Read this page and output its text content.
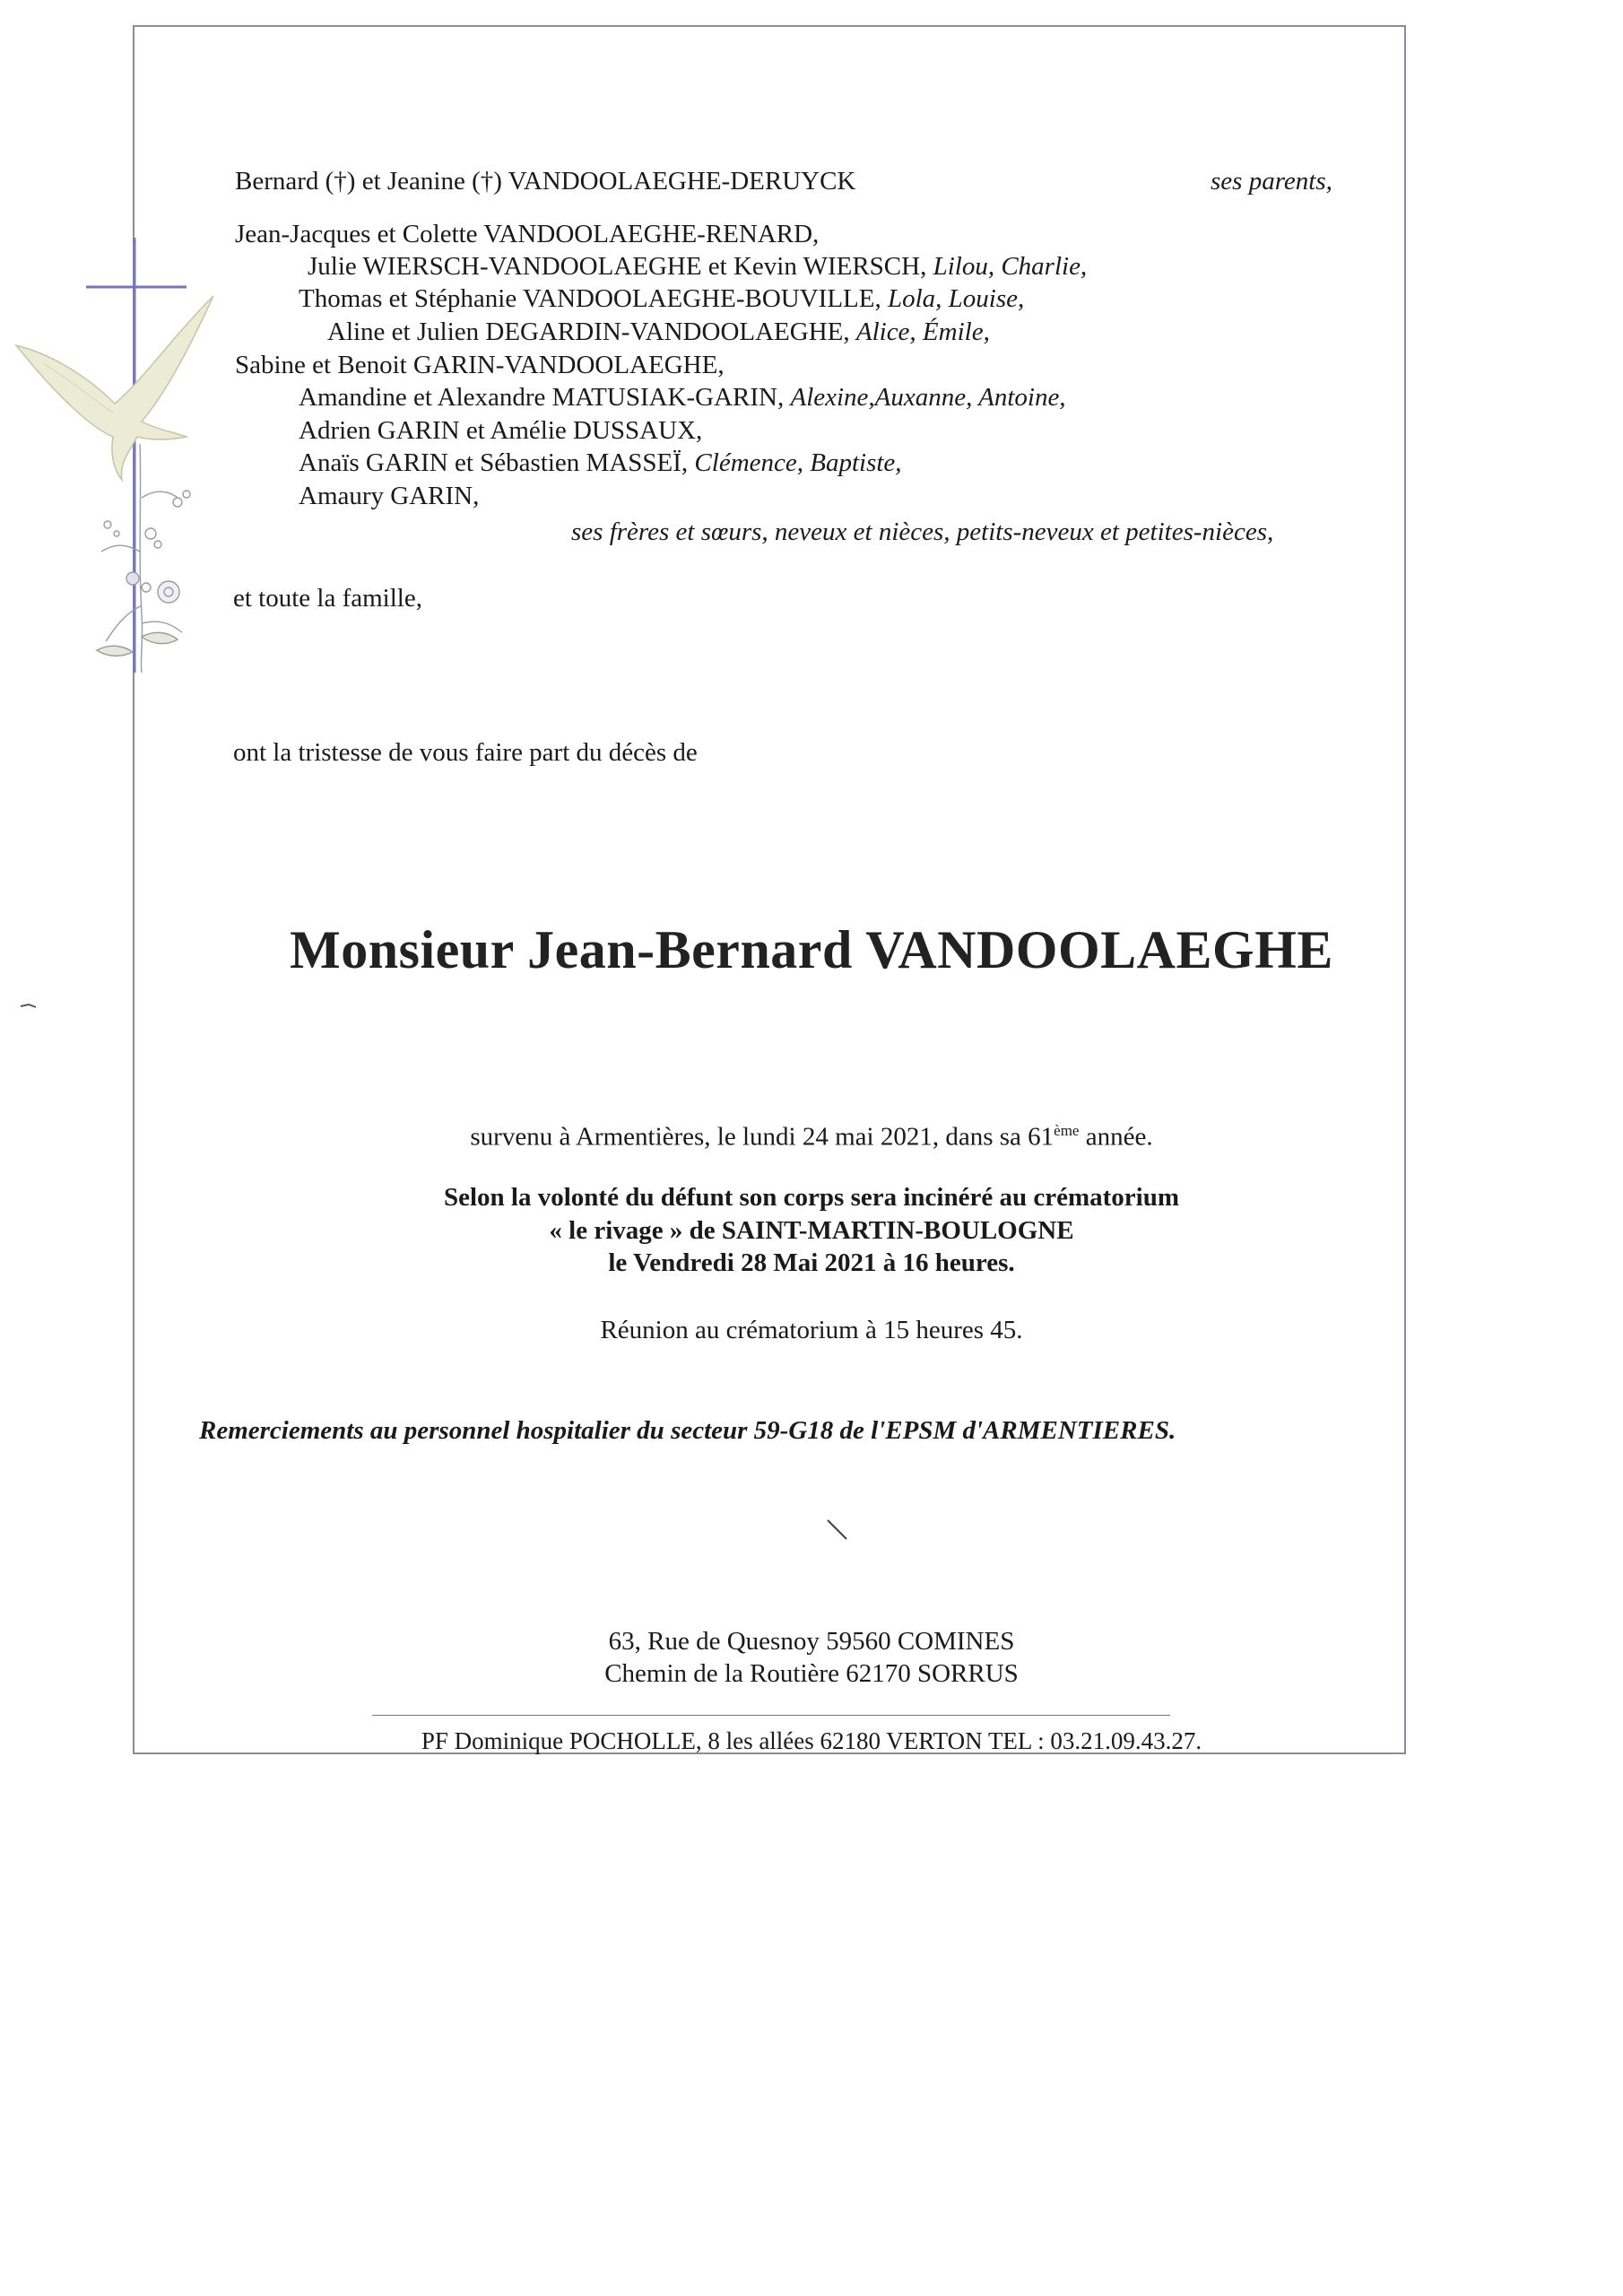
Bernard (†) et Jeanine (†) VANDOOLAEGHE-DERUYCK	ses parents,
Jean-Jacques et Colette VANDOOLAEGHE-RENARD,
Julie WIERSCH-VANDOOLAEGHE et Kevin WIERSCH, Lilou, Charlie,
Thomas et Stéphanie VANDOOLAEGHE-BOUVILLE, Lola, Louise,
Aline et Julien DEGARDIN-VANDOOLAEGHE, Alice, Émile,
Sabine et Benoit GARIN-VANDOOLAEGHE,
Amandine et Alexandre MATUSIAK-GARIN, Alexine,Auxanne, Antoine,
Adrien GARIN et Amélie DUSSAUX,
Anaïs GARIN et Sébastien MASSEÏ, Clémence, Baptiste,
Amaury GARIN,
ses frères et sœurs, neveux et nièces, petits-neveux et petites-nièces,
et toute la famille,
ont la tristesse de vous faire part du décès de
Monsieur Jean-Bernard VANDOOLAEGHE
survenu à Armentières, le lundi 24 mai 2021, dans sa 61ème année.
Selon la volonté du défunt son corps sera inciné​ré au crématorium
« le rivage » de SAINT-MARTIN-BOULOGNE
le Vendredi 28 Mai 2021 à 16 heures.
Réunion au crématorium à 15 heures 45.
Remerciements au personnel hospitalier du secteur 59-G18 de l'EPSM d'ARMENTIERES.
63, Rue de Quesnoy 59560 COMINES
Chemin de la Routière 62170 SORRUS
PF Dominique POCHOLLE, 8 les allées 62180 VERTON TEL : 03.21.09.43.27.
